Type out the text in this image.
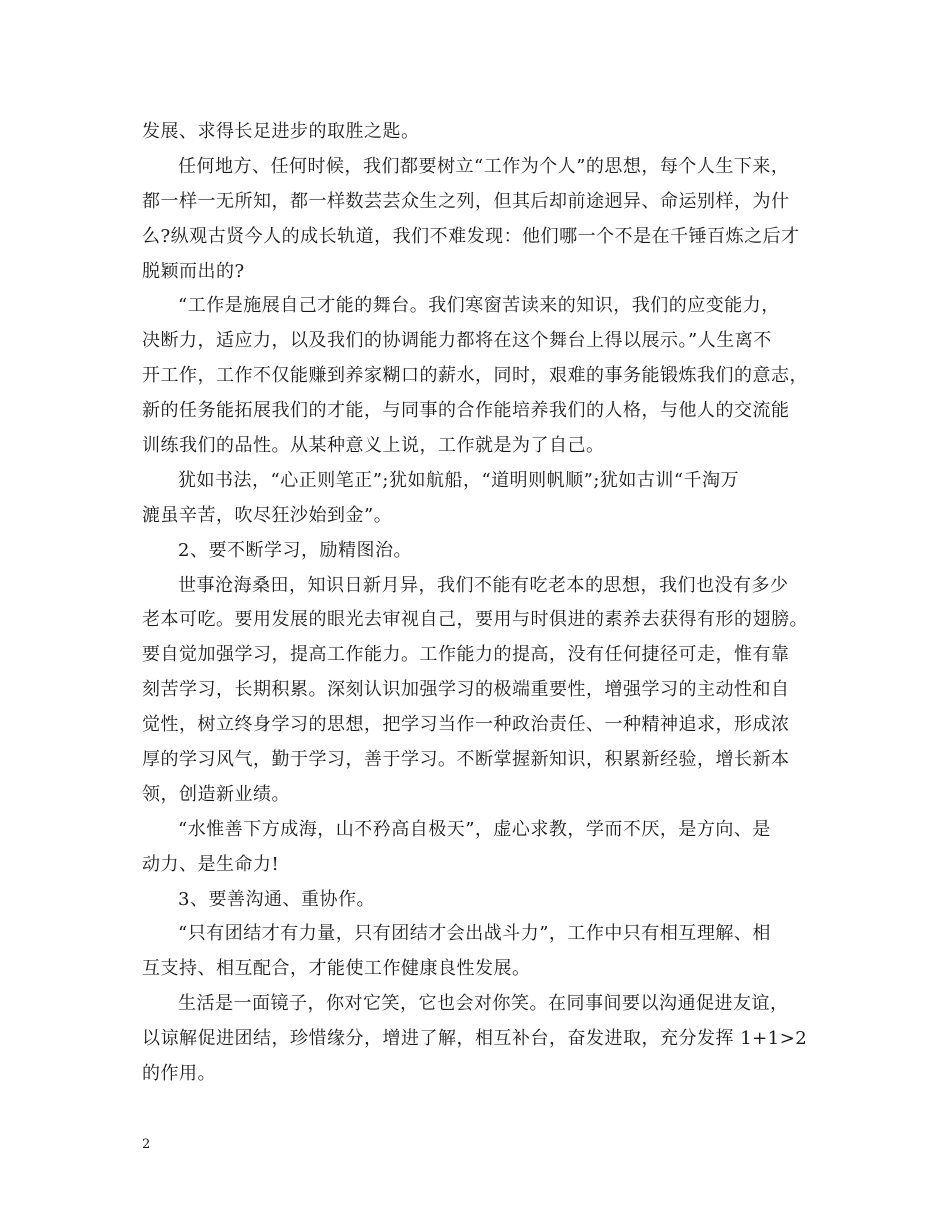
发展、求得长足进步的取胜之匙。
任何地方、任何时候，我们都要树立“工作为个人”的思想，每个人生下来，
都一样一无所知，都一样数芸芸众生之列，但其后却前途迥异、命运别样，为什
么?纵观古贤今人的成长轨道，我们不难发现：他们哪一个不是在千锤百炼之后才
脱颖而出的?
“工作是施展自己才能的舞台。我们寒窗苦读来的知识，我们的应变能力，
决断力，适应力，以及我们的协调能力都将在这个舞台上得以展示。”人生离不
开工作，工作不仅能赚到养家糊口的薪水，同时，艰难的事务能锻炼我们的意志，
新的任务能拓展我们的才能，与同事的合作能培养我们的人格，与他人的交流能
训练我们的品性。从某种意义上说，工作就是为了自己。
犹如书法，“心正则笔正”;犹如航船，“道明则帆顺”;犹如古训“千淘万
漉虽辛苦，吹尽狂沙始到金”。
2、要不断学习，励精图治。
世事沧海桑田，知识日新月异，我们不能有吃老本的思想，我们也没有多少
老本可吃。要用发展的眼光去审视自己，要用与时俱进的素养去获得有形的翅膀。
要自觉加强学习，提高工作能力。工作能力的提高，没有任何捷径可走，惟有靠
刻苦学习，长期积累。深刻认识加强学习的极端重要性，增强学习的主动性和自
觉性，树立终身学习的思想，把学习当作一种政治责任、一种精神追求，形成浓
厚的学习风气，勤于学习，善于学习。不断掌握新知识，积累新经验，增长新本
领，创造新业绩。
“水惟善下方成海，山不矜高自极天”，虚心求教，学而不厌，是方向、是
动力、是生命力!
3、要善沟通、重协作。
“只有团结才有力量，只有团结才会出战斗力”，工作中只有相互理解、相
互支持、相互配合，才能使工作健康良性发展。
生活是一面镜子，你对它笑，它也会对你笑。在同事间要以沟通促进友谊，
以谅解促进团结，珍惜缘分，增进了解，相互补台，奋发进取，充分发挥 1+1>2
的作用。
2
